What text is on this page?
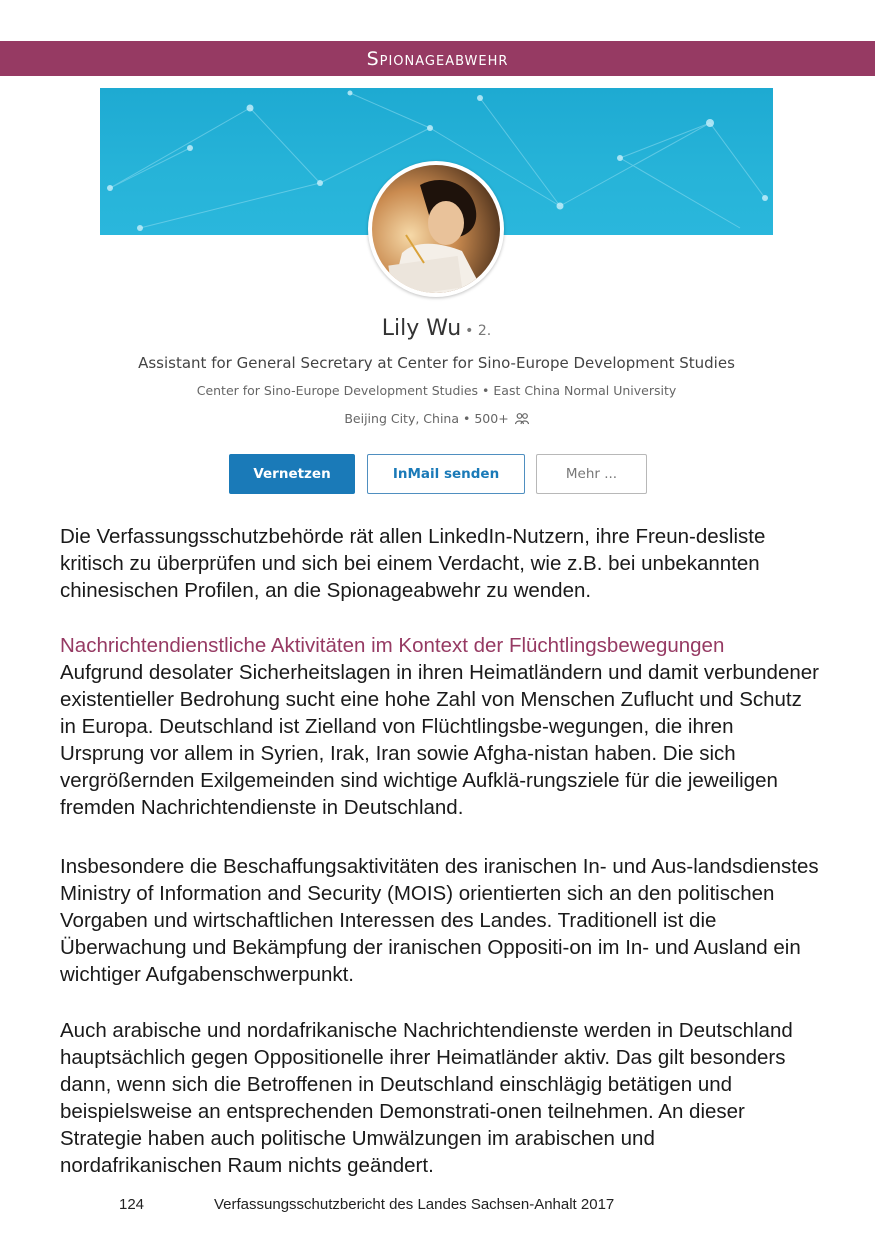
Spionageabwehr
Lily Wu • 2.
Assistant for General Secretary at Center for Sino-Europe Development Studies
Center for Sino-Europe Development Studies • East China Normal University
Beijing City, China • 500+
Vernetzen	InMail senden	Mehr ...
Die Verfassungsschutzbehörde rät allen LinkedIn-Nutzern, ihre Freun-desliste kritisch zu überprüfen und sich bei einem Verdacht, wie z.B. bei unbekannten chinesischen Profilen, an die Spionageabwehr zu wenden.
Nachrichtendienstliche Aktivitäten im Kontext der Flüchtlingsbewegungen
Aufgrund desolater Sicherheitslagen in ihren Heimatländern und damit verbundener existentieller Bedrohung sucht eine hohe Zahl von Menschen Zuflucht und Schutz in Europa. Deutschland ist Zielland von Flüchtlingsbe-wegungen, die ihren Ursprung vor allem in Syrien, Irak, Iran sowie Afgha-nistan haben. Die sich vergrößernden Exilgemeinden sind wichtige Aufklä-rungsziele für die jeweiligen fremden Nachrichtendienste in Deutschland.
Insbesondere die Beschaffungsaktivitäten des iranischen In- und Aus-landsdienstes Ministry of Information and Security (MOIS) orientierten sich an den politischen Vorgaben und wirtschaftlichen Interessen des Landes. Traditionell ist die Überwachung und Bekämpfung der iranischen Oppositi-on im In- und Ausland ein wichtiger Aufgabenschwerpunkt.
Auch arabische und nordafrikanische Nachrichtendienste werden in Deutschland hauptsächlich gegen Oppositionelle ihrer Heimatländer aktiv. Das gilt besonders dann, wenn sich die Betroffenen in Deutschland einschlägig betätigen und beispielsweise an entsprechenden Demonstrati-onen teilnehmen. An dieser Strategie haben auch politische Umwälzungen im arabischen und nordafrikanischen Raum nichts geändert.
124	Verfassungsschutzbericht des Landes Sachsen-Anhalt 2017
